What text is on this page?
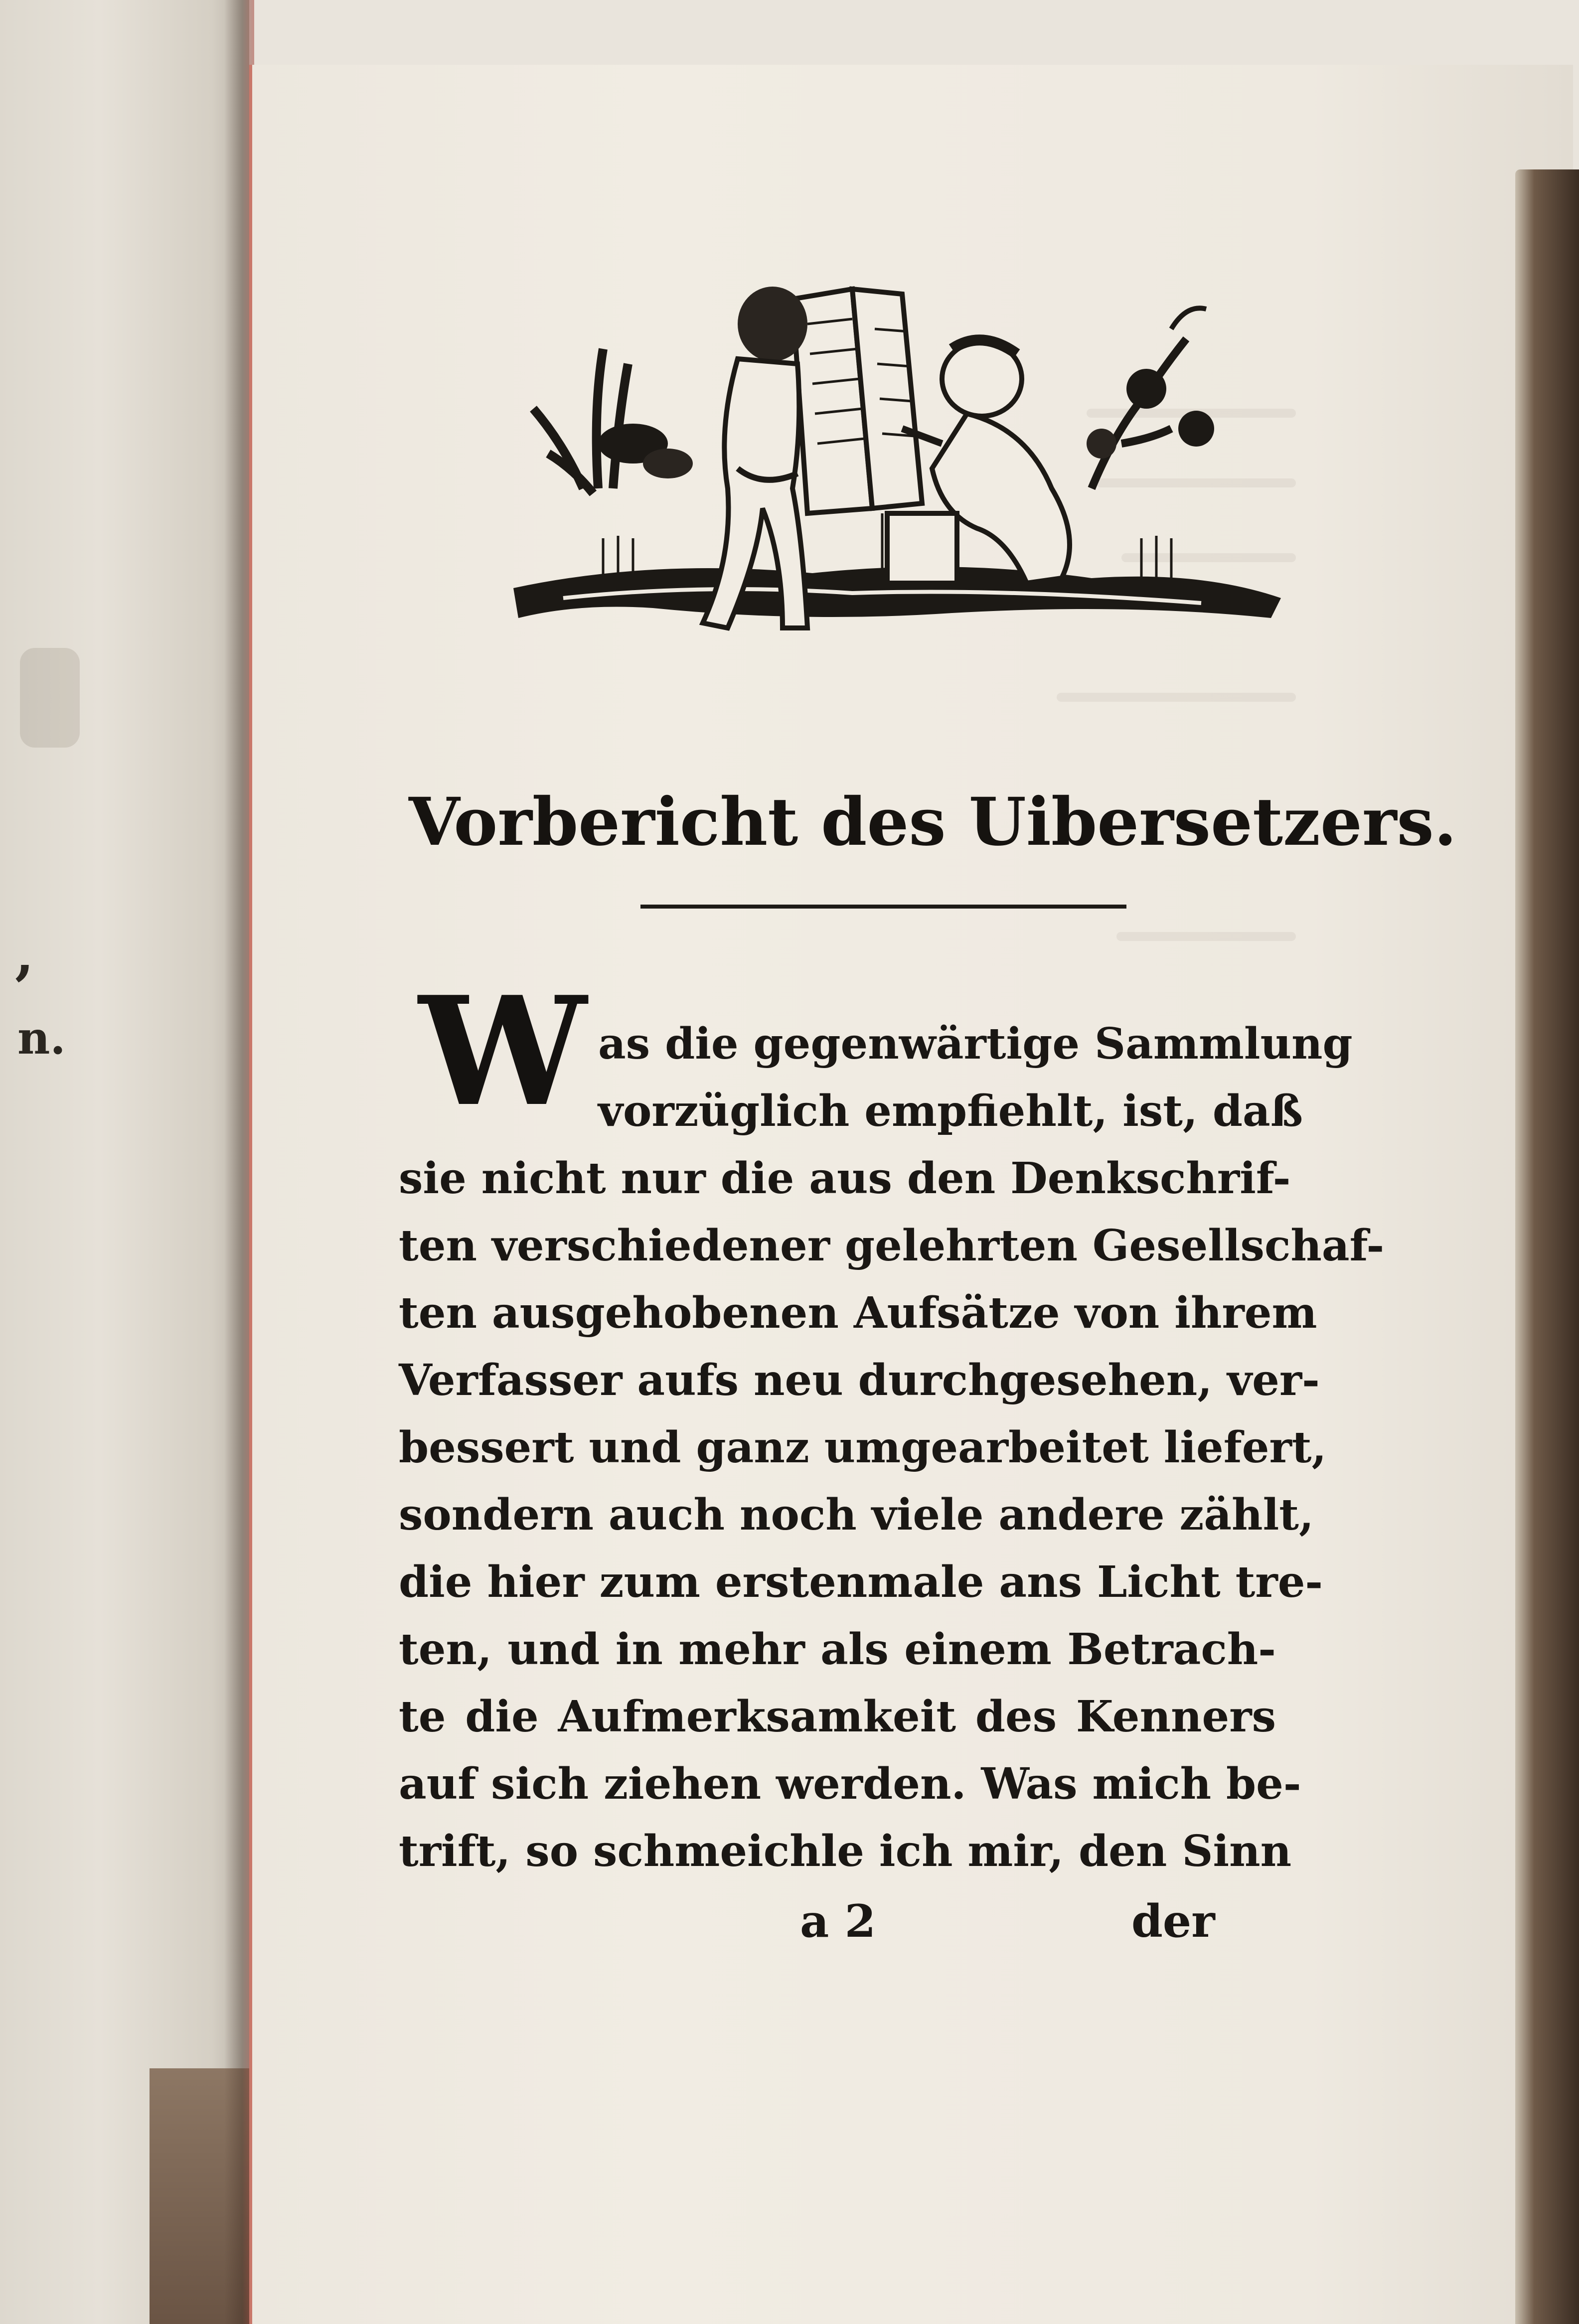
,
n.
Vorbericht des Uibersetzers.
W as die gegenwärtige Sammlung
vorzüglich empfiehlt, ist, daß
sie nicht nur die aus den Denkschrif-
ten verschiedener gelehrten Gesellschaf-
ten ausgehobenen Aufsätze von ihrem
Verfasser aufs neu durchgesehen, ver-
bessert und ganz umgearbeitet liefert,
sondern auch noch viele andere zählt,
die hier zum erstenmale ans Licht tre-
ten, und in mehr als einem Betrach-
te die Aufmerksamkeit des Kenners
auf sich ziehen werden. Was mich be-
trift, so schmeichle ich mir, den Sinn
a 2	der
